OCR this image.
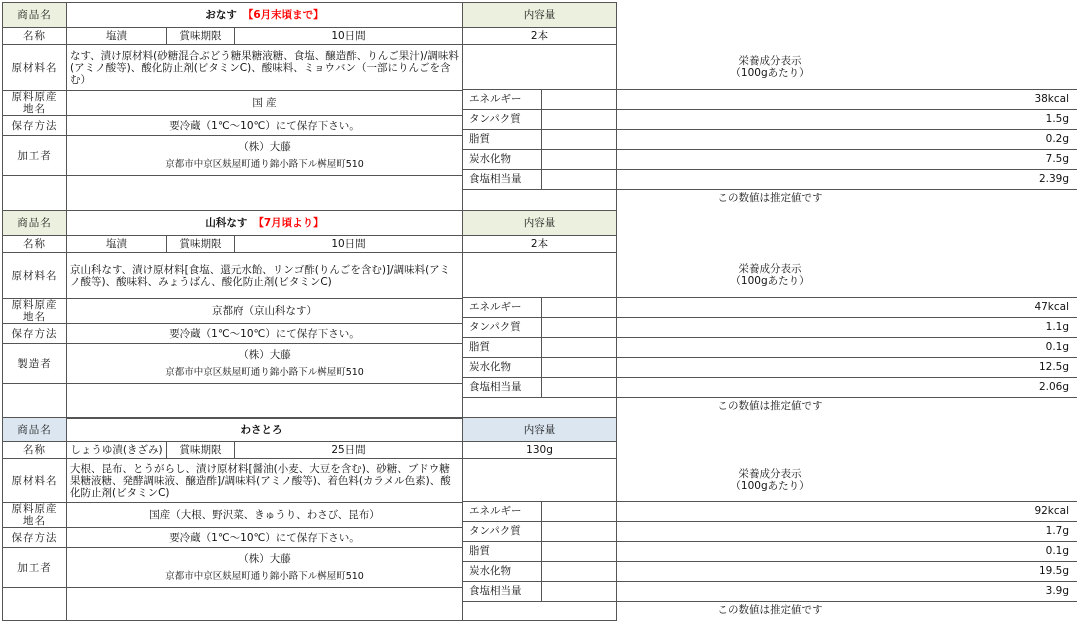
商品名	おなす 【6月末頃まで】	内容量
名称	塩漬	賞味期限	10日間	2本
原材料名	なす、漬け原材料(砂糖混合ぶどう糖果糖液糖、食塩、醸造酢、りんご果汁)/調味料(アミノ酸等)、酸化防止剤(ビタミンC)、酸味料、ミョウバン（一部にりんごを含む）	
栄養成分表示
（100gあたり）

エネルギー	38kcal
タンパク質	1.5g
脂質	0.2g
炭水化物	7.5g
食塩相当量	2.39g
この数値は推定値です

原料原産地名	国 産
保存方法	要冷蔵（1℃～10℃）にて保存下さい。
加工者	
（株）大藤
京都市中京区麸屋町通り錦小路下ル桝屋町510

商品名	山科なす 【7月頃より】	内容量
名称	塩漬	賞味期限	10日間	2本
原材料名	京山科なす、漬け原材料[食塩、還元水飴、リンゴ酢(りんごを含む)]/調味料(アミノ酸等)、酸味料、みょうばん、酸化防止剤(ビタミンC)	
栄養成分表示
（100gあたり）

エネルギー	47kcal
タンパク質	1.1g
脂質	0.1g
炭水化物	12.5g
食塩相当量	2.06g
この数値は推定値です

原料原産地名	京都府（京山科なす）
保存方法	要冷蔵（1℃～10℃）にて保存下さい。
製造者	
（株）大藤
京都市中京区麸屋町通り錦小路下ル桝屋町510

商品名	わさとろ	内容量
名称	しょうゆ漬(きざみ)	賞味期限	25日間	130g
原材料名	大根、昆布、とうがらし、漬け原材料[醤油(小麦、大豆を含む)、砂糖、ブドウ糖果糖液糖、発酵調味液、醸造酢]/調味料(アミノ酸等)、着色料(カラメル色素)、酸化防止剤(ビタミンC)	
栄養成分表示
（100gあたり）

エネルギー	92kcal
タンパク質	1.7g
脂質	0.1g
炭水化物	19.5g
食塩相当量	3.9g
この数値は推定値です

原料原産地名	国産（大根、野沢菜、きゅうり、わさび、昆布）
保存方法	要冷蔵（1℃～10℃）にて保存下さい。
加工者	
（株）大藤
京都市中京区麸屋町通り錦小路下ル桝屋町510
